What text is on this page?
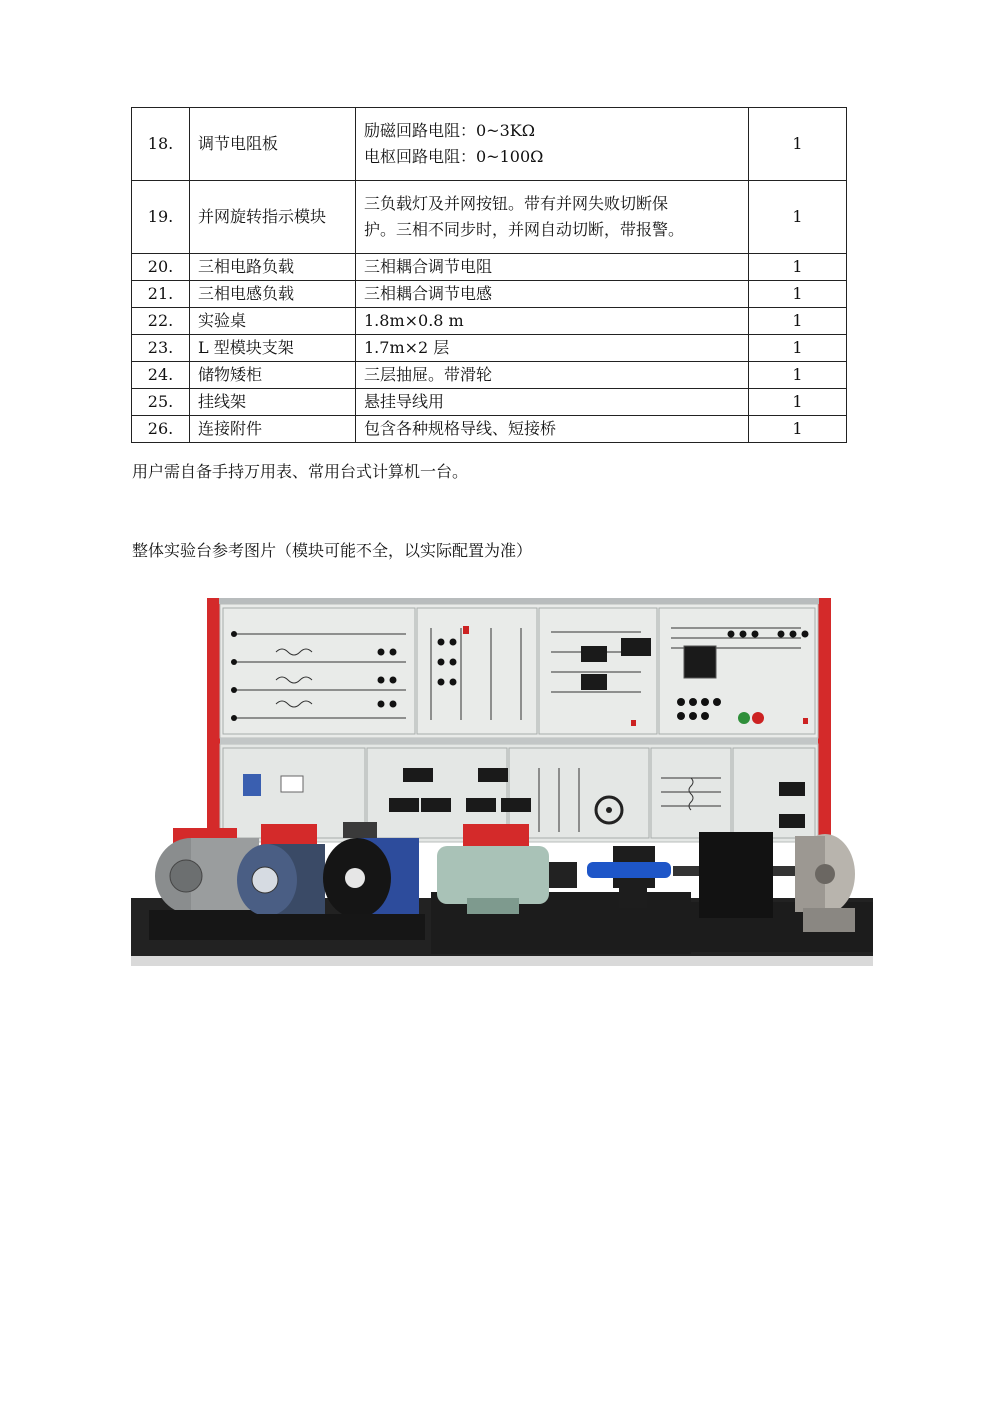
18.	调节电阻板	励磁回路电阻：0~3KΩ
电枢回路电阻：0~100Ω	1
19.	并网旋转指示模块	三负载灯及并网按钮。带有并网失败切断保
护。三相不同步时，并网自动切断，带报警。	1
20.	三相电路负载	三相耦合调节电阻	1
21.	三相电感负载	三相耦合调节电感	1
22.	实验桌	1.8m×0.8 m	1
23.	L 型模块支架	1.7m×2 层	1
24.	储物矮柜	三层抽屉。带滑轮	1
25.	挂线架	悬挂导线用	1
26.	连接附件	包含各种规格导线、短接桥	1
用户需自备手持万用表、常用台式计算机一台。
整体实验台参考图片（模块可能不全，以实际配置为准）
